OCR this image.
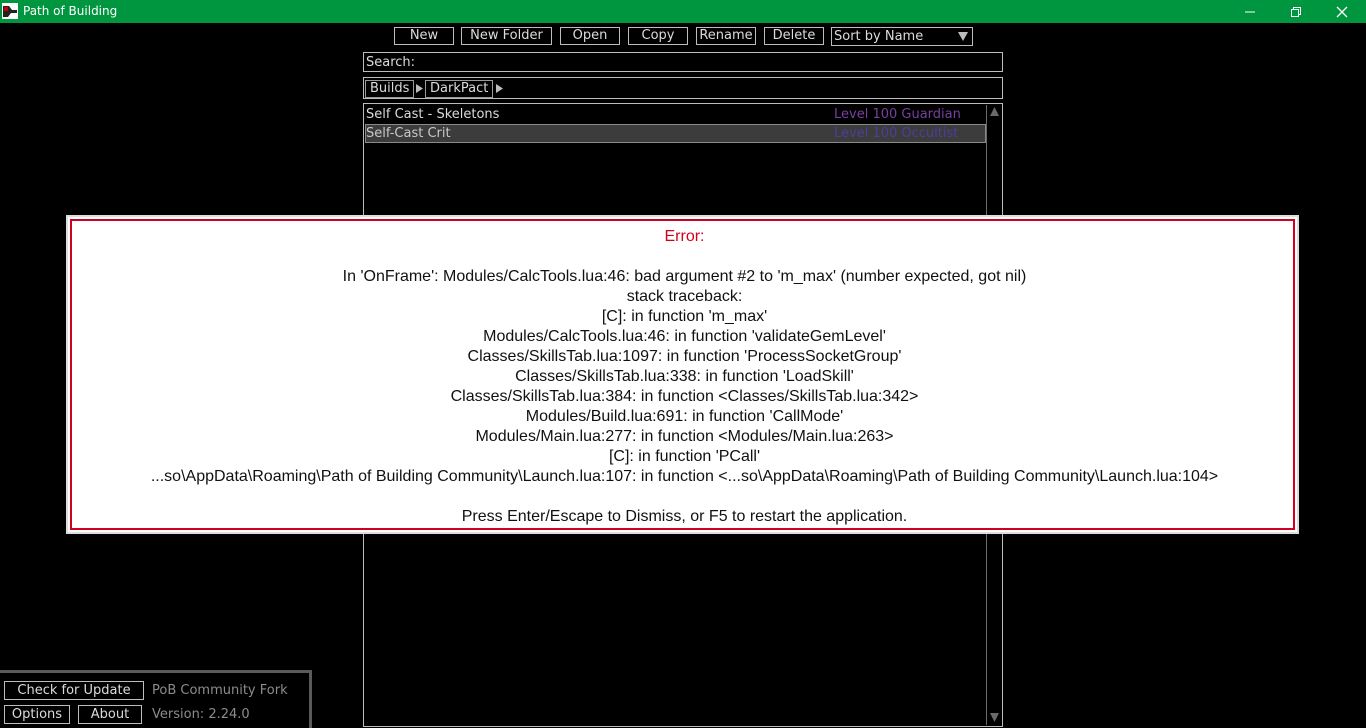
Path of Building
New	New Folder	Open	Copy	Rename	Delete	Sort by Name
Search:
Builds	DarkPact
Self Cast - Skeletons	Level 100 Guardian
Self-Cast Crit	Level 100 Occultist
Check for Update	PoB Community Fork
Options	About	Version: 2.24.0
Error:
In 'OnFrame': Modules/CalcTools.lua:46: bad argument #2 to 'm_max' (number expected, got nil)
stack traceback:
[C]: in function 'm_max'
Modules/CalcTools.lua:46: in function 'validateGemLevel'
Classes/SkillsTab.lua:1097: in function 'ProcessSocketGroup'
Classes/SkillsTab.lua:338: in function 'LoadSkill'
Classes/SkillsTab.lua:384: in function <Classes/SkillsTab.lua:342>
Modules/Build.lua:691: in function 'CallMode'
Modules/Main.lua:277: in function <Modules/Main.lua:263>
[C]: in function 'PCall'
...so\AppData\Roaming\Path of Building Community\Launch.lua:107: in function <...so\AppData\Roaming\Path of Building Community\Launch.lua:104>
Press Enter/Escape to Dismiss, or F5 to restart the application.
